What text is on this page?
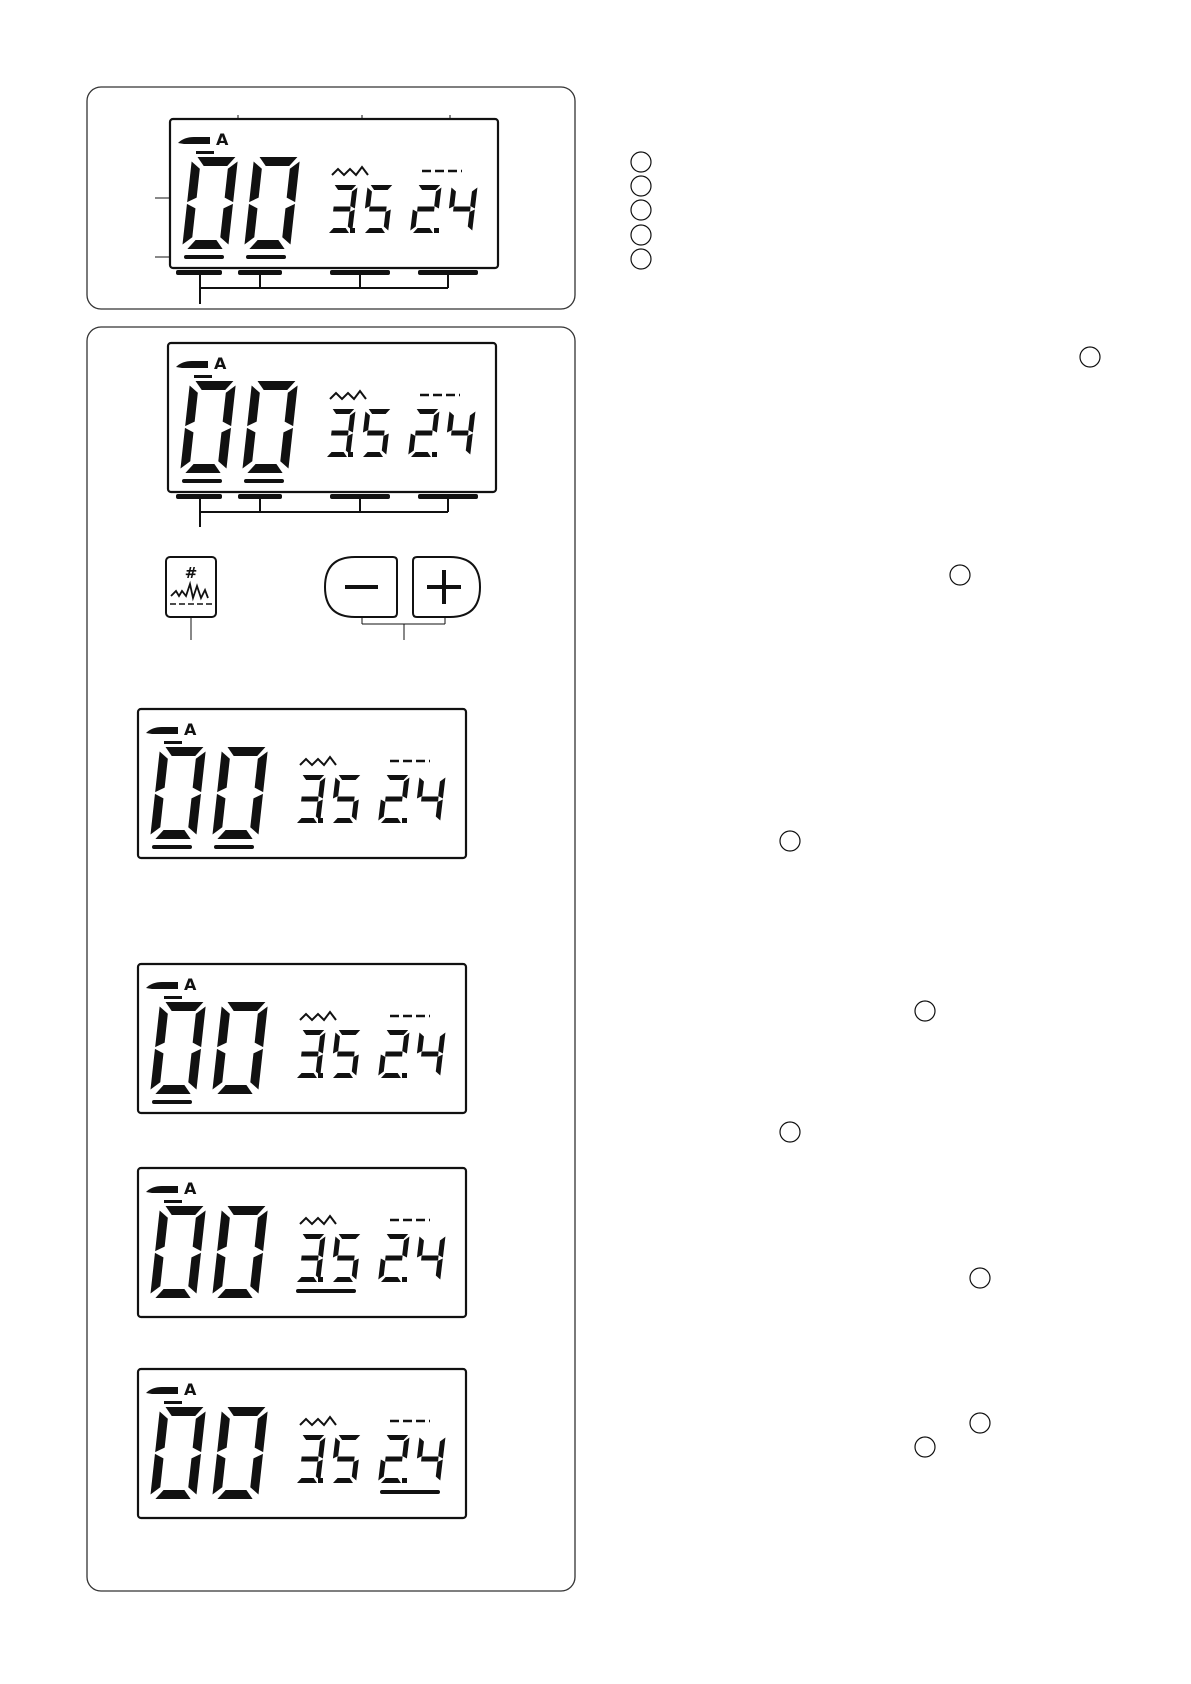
#
A
0	0
3	5
3.5
2	4
2.4
A
0	0
3	5
3.5
2	4
2.4
A
0	0
3	5
3.5
2	4
2.4
A
0	0
3	5
3.5
2	4
2.4
A
0	0
3	5
3.5
2	4
2.4
A
0	0
3	5
3.5
2	4
2.4
